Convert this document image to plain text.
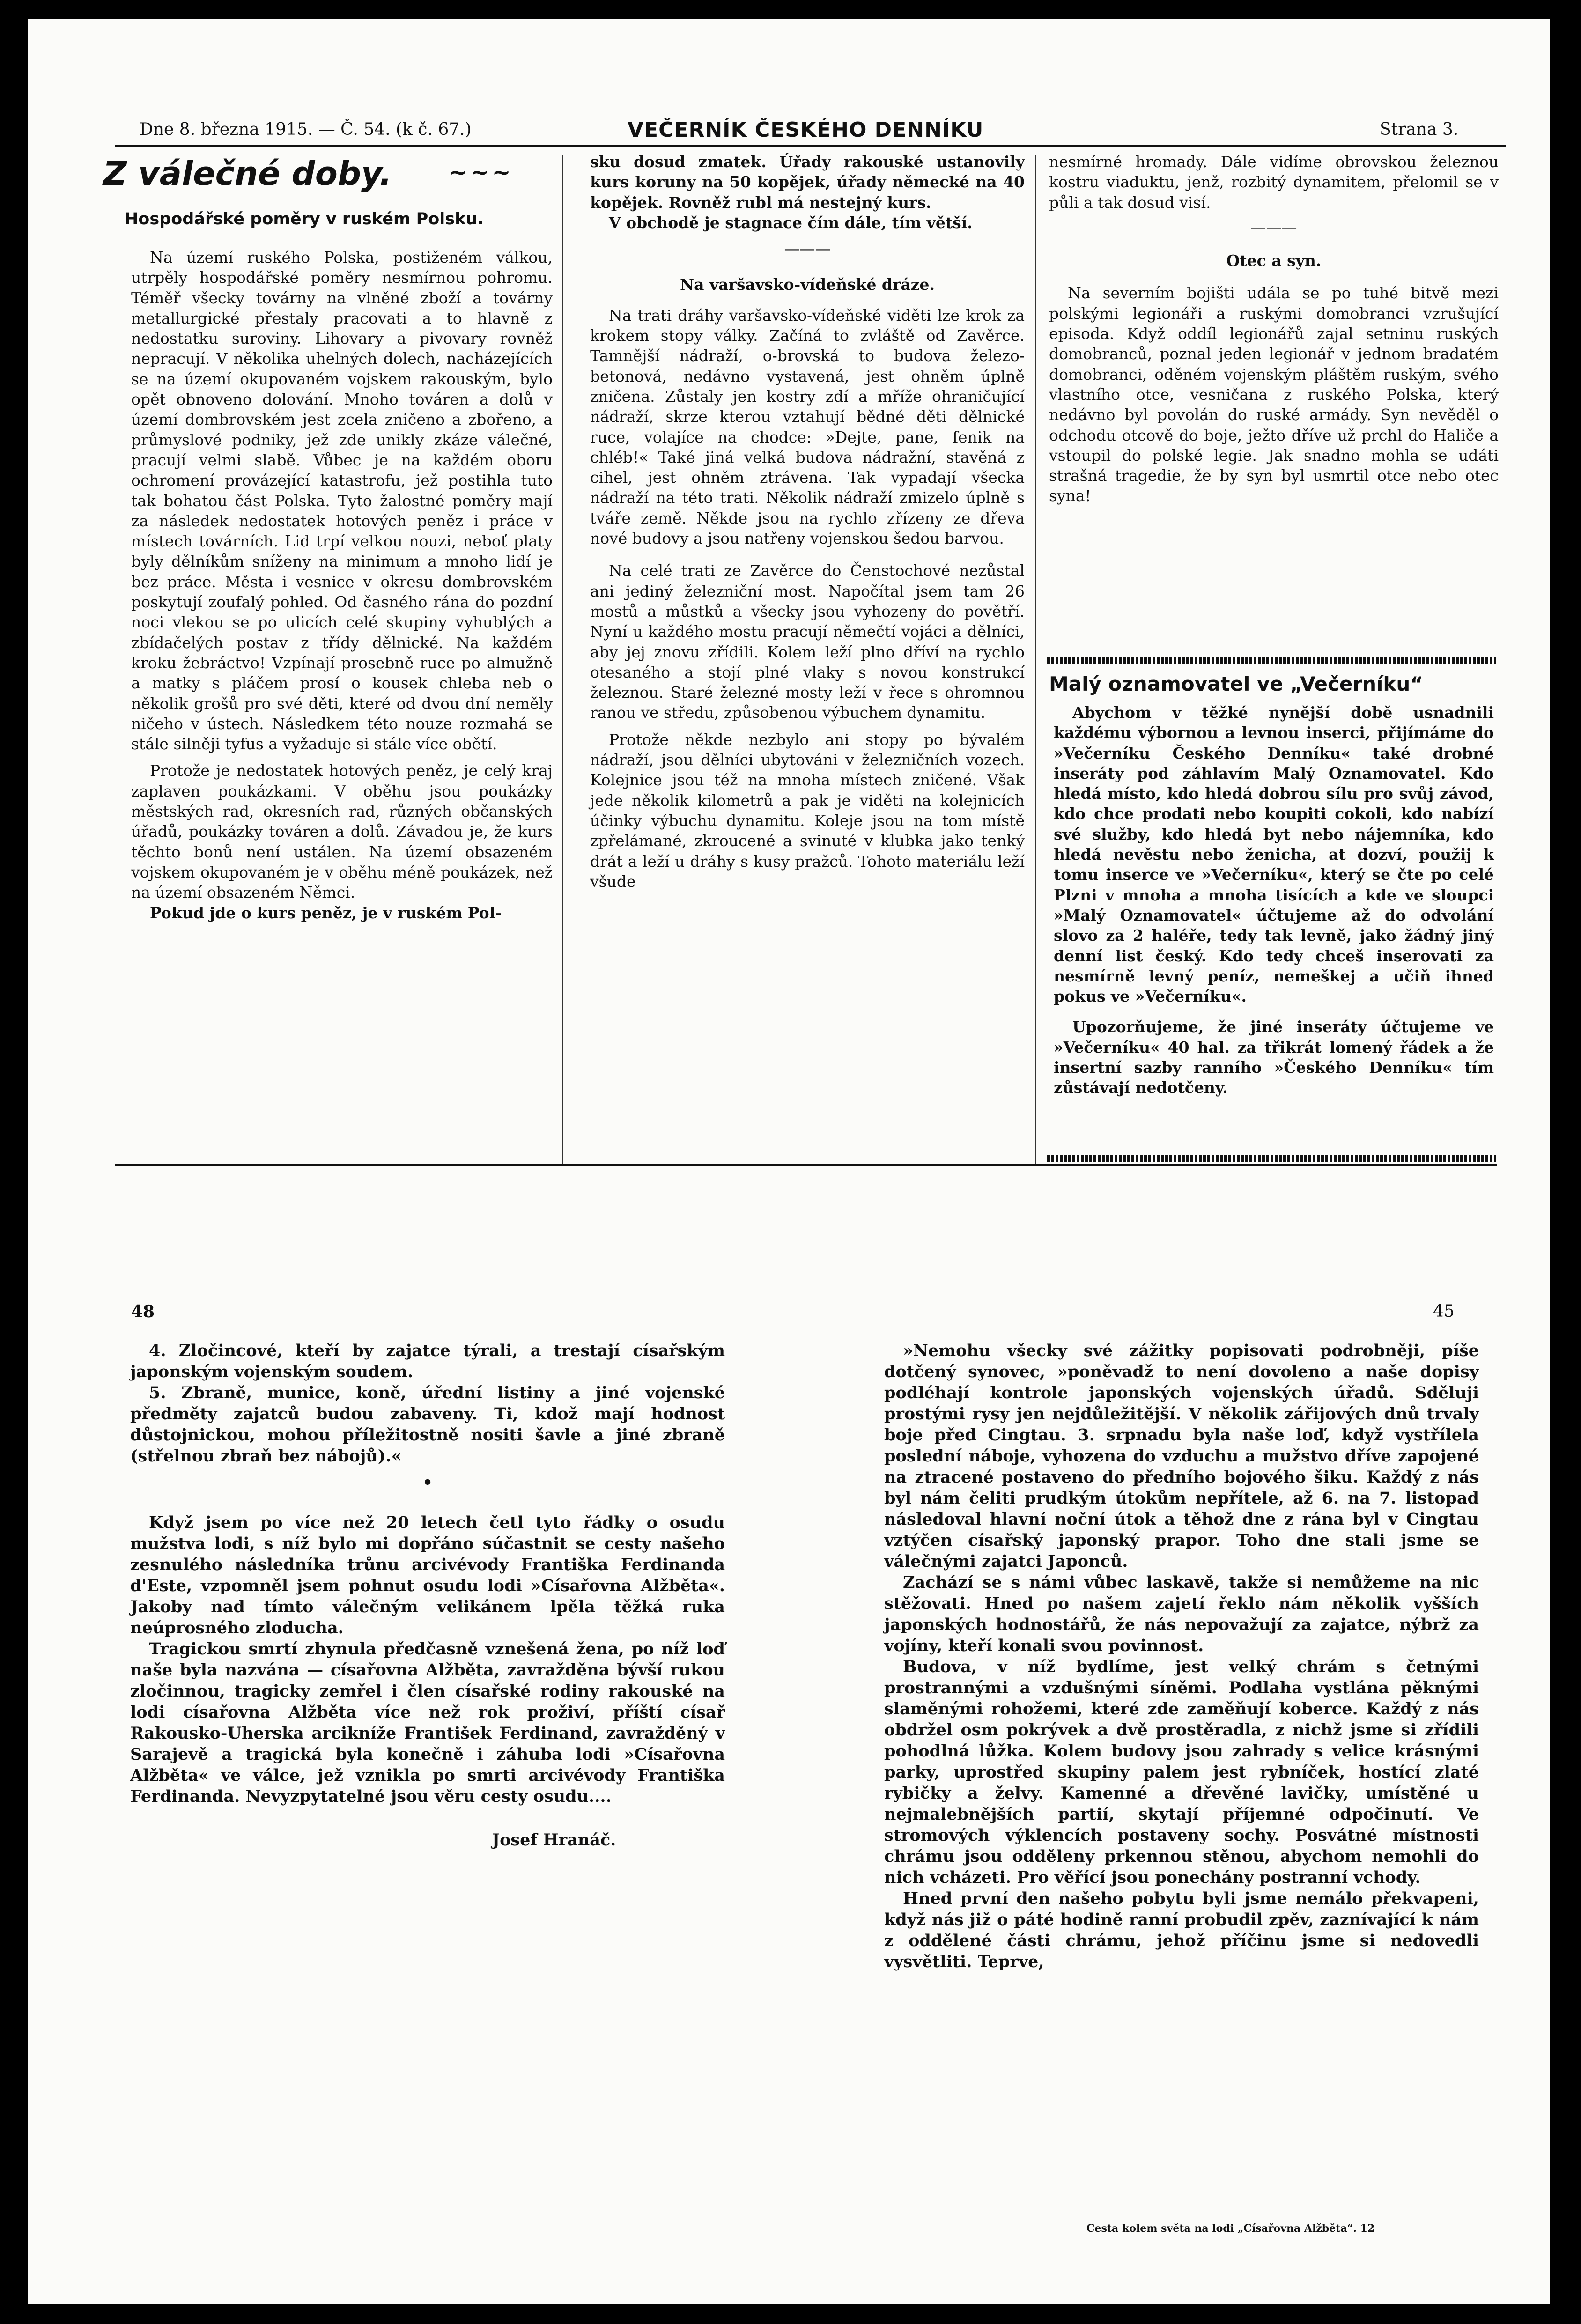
Dne 8. března 1915. — Č. 54. (k č. 67.)	VEČERNÍK ČESKÉHO DENNÍKU	Strana 3.
Z válečné doby.	~~~
Hospodářské poměry v ruském Polsku.

Na území ruského Polska, postiženém válkou, utrpěly hospodářské poměry nesmírnou pohromu. Téměř všecky továrny na vlněné zboží a továrny metallurgické přestaly pracovati a to hlavně z nedostatku suroviny. Lihovary a pivovary rovněž nepracují. V několika uhelných dolech, nacházejících se na území okupovaném vojskem rakouským, bylo opět obnoveno dolování. Mnoho továren a dolů v území dombrovském jest zcela zničeno a zbořeno, a průmyslové podniky, jež zde unikly zkáze válečné, pracují velmi slabě. Vůbec je na každém oboru ochromení provázející katastrofu, jež postihla tuto tak bohatou část Polska. Tyto žalostné poměry mají za následek nedostatek hotových peněz i práce v místech továrních. Lid trpí velkou nouzi, neboť platy byly dělníkům sníženy na minimum a mnoho lidí je bez práce. Města i vesnice v okresu dombrovském poskytují zoufalý pohled. Od časného rána do pozdní noci vlekou se po ulicích celé skupiny vyhublých a zbídačelých postav z třídy dělnické. Na každém kroku žebráctvo! Vzpínají prosebně ruce po almužně a matky s pláčem prosí o kousek chleba neb o několik grošů pro své děti, které od dvou dní neměly ničeho v ústech. Následkem této nouze rozmahá se stále silněji tyfus a vyžaduje si stále více obětí.

Protože je nedostatek hotových peněz, je celý kraj zaplaven poukázkami. V oběhu jsou poukázky městských rad, okresních rad, různých občanských úřadů, poukázky továren a dolů. Závadou je, že kurs těchto bonů není ustálen. Na území obsazeném vojskem okupovaném je v oběhu méně poukázek, než na území obsazeném Němci.

Pokud jde o kurs peněz, je v ruském Pol-

sku dosud zmatek. Úřady rakouské ustanovily kurs koruny na 50 kopějek, úřady německé na 40 kopějek. Rovněž rubl má nestejný kurs.

V obchodě je stagnace čím dále, tím větší.

———

Na varšavsko-vídeňské dráze.

Na trati dráhy varšavsko-vídeňské viděti lze krok za krokem stopy války. Začíná to zvláště od Zavěrce. Tamnější nádraží, o-brovská to budova železo-betonová, nedávno vystavená, jest ohněm úplně zničena. Zůstaly jen kostry zdí a mříže ohraničující nádraží, skrze kterou vztahují bědné děti dělnické ruce, volajíce na chodce: »Dejte, pane, fenik na chléb!« Také jiná velká budova nádražní, stavěná z cihel, jest ohněm ztrávena. Tak vypadají všecka nádraží na této trati. Několik nádraží zmizelo úplně s tváře země. Někde jsou na rychlo zřízeny ze dřeva nové budovy a jsou natřeny vojenskou šedou barvou.

Na celé trati ze Zavěrce do Čenstochové nezůstal ani jediný železniční most. Napočítal jsem tam 26 mostů a můstků a všecky jsou vyhozeny do povětří. Nyní u každého mostu pracují němečtí vojáci a dělníci, aby jej znovu zřídili. Kolem leží plno dříví na rychlo otesaného a stojí plné vlaky s novou konstrukcí železnou. Staré železné mosty leží v řece s ohromnou ranou ve středu, způsobenou výbuchem dynamitu.

Protože někde nezbylo ani stopy po bývalém nádraží, jsou dělníci ubytováni v železničních vozech. Kolejnice jsou též na mnoha místech zničené. Však jede několik kilometrů a pak je viděti na kolejnicích účinky výbuchu dynamitu. Koleje jsou na tom místě zpřelámané, zkroucené a svinuté v klubka jako tenký drát a leží u dráhy s kusy pražců. Tohoto materiálu leží všude

nesmírné hromady. Dále vidíme obrovskou železnou kostru viaduktu, jenž, rozbitý dynamitem, přelomil se v půli a tak dosud visí.

———

Otec a syn.

Na severním bojišti udála se po tuhé bitvě mezi polskými legionáři a ruskými domobranci vzrušující episoda. Když oddíl legionářů zajal setninu ruských domobranců, poznal jeden legionář v jednom bradatém domobranci, oděném vojenským pláštěm ruským, svého vlastního otce, vesničana z ruského Polska, který nedávno byl povolán do ruské armády. Syn nevěděl o odchodu otcově do boje, ježto dříve už prchl do Haliče a vstoupil do polské legie. Jak snadno mohla se udáti strašná tragedie, že by syn byl usmrtil otce nebo otec syna!

Malý oznamovatel ve „Večerníku“

Abychom v těžké nynější době usnadnili každému výbornou a levnou inserci, přijímáme do »Večerníku Českého Denníku« také drobné inseráty pod záhlavím Malý Oznamovatel. Kdo hledá místo, kdo hledá dobrou sílu pro svůj závod, kdo chce prodati nebo koupiti cokoli, kdo nabízí své služby, kdo hledá byt nebo nájemníka, kdo hledá nevěstu nebo ženicha, at dozví, použij k tomu inserce ve »Večerníku«, který se čte po celé Plzni v mnoha a mnoha tisících a kde ve sloupci »Malý Oznamovatel« účtujeme až do odvolání slovo za 2 haléře, tedy tak levně, jako žádný jiný denní list český. Kdo tedy chceš inserovati za nesmírně levný peníz, nemeškej a učiň ihned pokus ve »Večerníku«.

Upozorňujeme, že jiné inseráty účtujeme ve »Večerníku« 40 hal. za třikrát lomený řádek a že insertní sazby ranního »Českého Denníku« tím zůstávají nedotčeny.

48

4. Zločincové, kteří by zajatce týrali, a trestají císařským japonským vojenským soudem.

5. Zbraně, munice, koně, úřední listiny a jiné vojenské předměty zajatců budou zabaveny. Ti, kdož mají hodnost důstojnickou, mohou příležitostně nositi šavle a jiné zbraně (střelnou zbraň bez nábojů).«

•

Když jsem po více než 20 letech četl tyto řádky o osudu mužstva lodi, s níž bylo mi dopřáno súčastnit se cesty našeho zesnulého následníka trůnu arcivévody Františka Ferdinanda d'Este, vzpomněl jsem pohnut osudu lodi »Císařovna Alžběta«. Jakoby nad tímto válečným velikánem lpěla těžká ruka neúprosného zloducha.

Tragickou smrtí zhynula předčasně vznešená žena, po níž loď naše byla nazvána — císařovna Alžběta, zavražděna bývší rukou zločinnou, tragicky zemřel i člen císařské rodiny rakouské na lodi císařovna Alžběta více než rok proživí, příští císař Rakousko-Uherska arcikníže František Ferdinand, zavražděný v Sarajevě a tragická byla konečně i záhuba lodi »Císařovna Alžběta« ve válce, jež vznikla po smrti arcivévody Františka Ferdinanda. Nevyzpytatelné jsou věru cesty osudu....

Josef Hranáč.

45

»Nemohu všecky své zážitky popisovati podrobněji, píše dotčený synovec, »poněvadž to není dovoleno a naše dopisy podléhají kontrole japonských vojenských úřadů. Sděluji prostými rysy jen nejdůležitější. V několik zářijových dnů trvaly boje před Cingtau. 3. srpnadu byla naše loď, když vystřílela poslední náboje, vyhozena do vzduchu a mužstvo dříve zapojené na ztracené postaveno do předního bojového šiku. Každý z nás byl nám čeliti prudkým útokům nepřítele, až 6. na 7. listopad následoval hlavní noční útok a těhož dne z rána byl v Cingtau vztýčen císařský japonský prapor. Toho dne stali jsme se válečnými zajatci Japonců.

Zachází se s námi vůbec laskavě, takže si nemůžeme na nic stěžovati. Hned po našem zajetí řeklo nám několik vyšších japonských hodnostářů, že nás nepovažují za zajatce, nýbrž za vojíny, kteří konali svou povinnost.

Budova, v níž bydlíme, jest velký chrám s četnými prostrannými a vzdušnými síněmi. Podlaha vystlána pěknými slaměnými rohožemi, které zde zaměňují koberce. Každý z nás obdržel osm pokrývek a dvě prostěradla, z nichž jsme si zřídili pohodlná lůžka. Kolem budovy jsou zahrady s velice krásnými parky, uprostřed skupiny palem jest rybníček, hostící zlaté rybičky a želvy. Kamenné a dřevěné lavičky, umístěné u nejmalebnějších partií, skytají příjemné odpočinutí. Ve stromových výklencích postaveny sochy. Posvátné místnosti chrámu jsou odděleny prkennou stěnou, abychom nemohli do nich vcházeti. Pro věřící jsou ponechány postranní vchody.

Hned první den našeho pobytu byli jsme nemálo překvapeni, když nás již o páté hodině ranní probudil zpěv, zaznívající k nám z oddělené části chrámu, jehož příčinu jsme si nedovedli vysvětliti. Teprve,

Cesta kolem světa na lodi „Císařovna Alžběta“. 12
